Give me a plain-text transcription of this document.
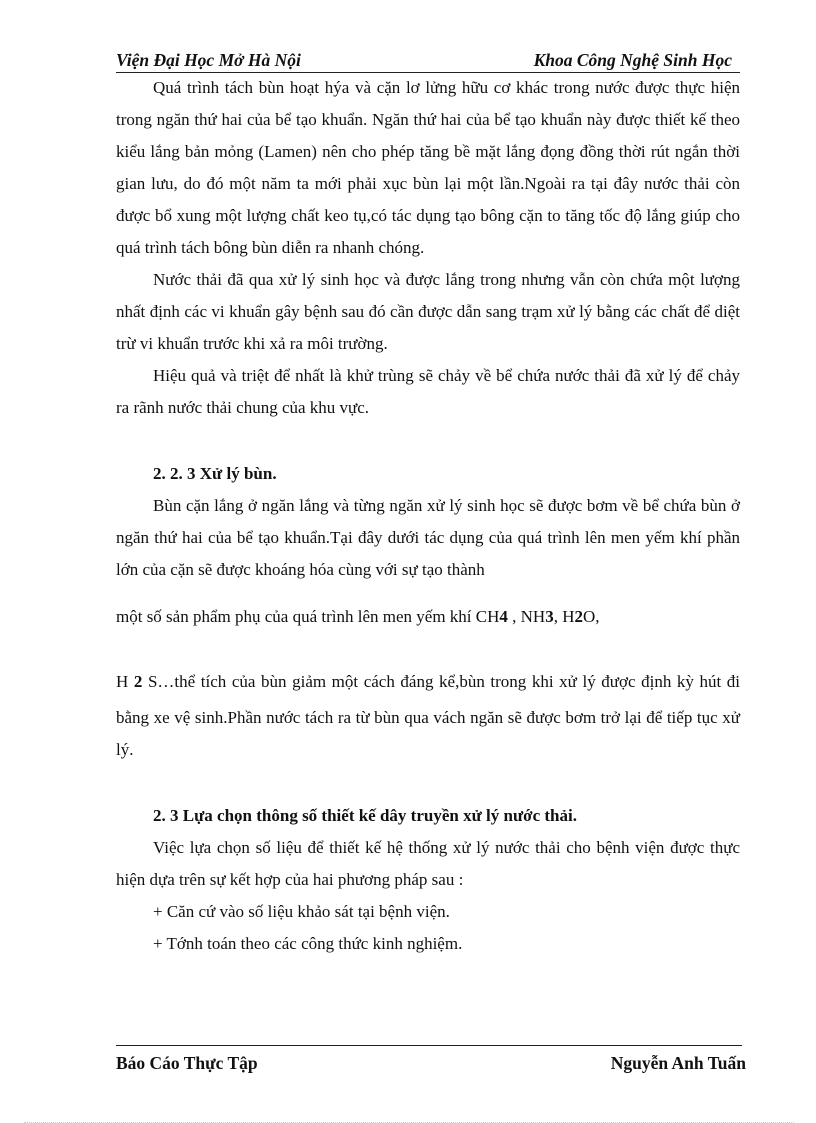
Viện Đại Học Mở Hà Nội	Khoa Công Nghệ Sinh Học

Quá trình tách bùn hoạt hýa và cặn lơ lửng hữu cơ khác trong nước được thực hiện trong ngăn thứ hai của bể tạo khuẩn. Ngăn thứ hai của bể tạo khuẩn này được thiết kế theo kiểu lắng bản mỏng (Lamen) nên cho phép tăng bề mặt lắng đọng đồng thời rút ngắn thời gian lưu, do đó một năm ta mới phải xục bùn lại một lần.Ngoài ra tại đây nước thải còn được bổ xung một lượng chất keo tụ,có tác dụng tạo bông cặn to tăng tốc độ lắng giúp cho quá trình tách bông bùn diễn ra nhanh chóng.

Nước thải đã qua xử lý sinh học và được lắng trong nhưng vẫn còn chứa một lượng nhất định các vi khuẩn gây bệnh sau đó cần được dẫn sang trạm xử lý bằng các chất để diệt trừ vi khuẩn trước khi xả ra môi trường.

Hiệu quả và triệt để nhất là khử trùng sẽ chảy về bể chứa nước thải đã xử lý để chảy ra rãnh nước thải chung của khu vực.

2. 2. 3 Xử lý bùn.

Bùn cặn lắng ở ngăn lắng và từng ngăn xử lý sinh học sẽ được bơm về bể chứa bùn ở ngăn thứ hai của bể tạo khuẩn.Tại đây dưới tác dụng của quá trình lên men yếm khí phần lớn của cặn sẽ được khoáng hóa cùng với sự tạo thành

một số sản phẩm phụ của quá trình lên men yếm khí CH4 , NH3, H2O,

H 2 S…thể tích của bùn giảm một cách đáng kể,bùn trong khi xử lý được định kỳ hút đi bằng xe vệ sinh.Phần nước tách ra từ bùn qua vách ngăn sẽ được bơm trở lại để tiếp tục xử lý.

2. 3 Lựa chọn thông số thiết kế dây truyền xử lý nước thải.

Việc lựa chọn số liệu để thiết kế hệ thống xử lý nước thải cho bệnh viện được thực hiện dựa trên sự kết hợp của hai phương pháp sau :

+ Căn cứ vào số liệu khảo sát tại bệnh viện.

+ Tớnh toán theo các công thức kinh nghiệm.

Báo Cáo Thực Tập	Nguyễn Anh Tuấn
